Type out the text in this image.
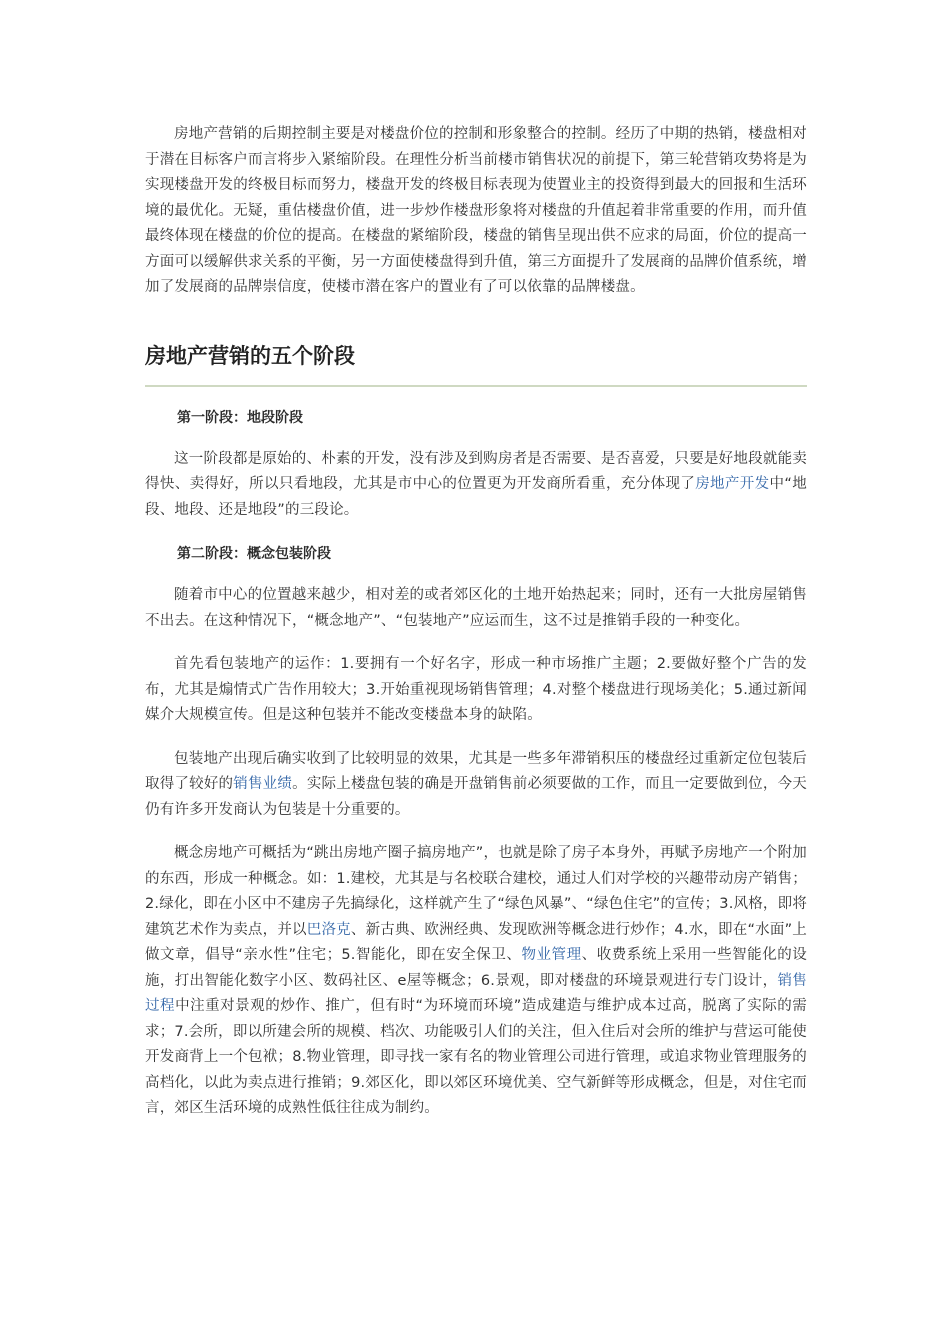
房地产营销的后期控制主要是对楼盘价位的控制和形象整合的控制。经历了中期的热销，楼盘相对于潜在目标客户而言将步入紧缩阶段。在理性分析当前楼市销售状况的前提下，第三轮营销攻势将是为实现楼盘开发的终极目标而努力，楼盘开发的终极目标表现为使置业主的投资得到最大的回报和生活环境的最优化。无疑，重估楼盘价值，进一步炒作楼盘形象将对楼盘的升值起着非常重要的作用，而升值最终体现在楼盘的价位的提高。在楼盘的紧缩阶段，楼盘的销售呈现出供不应求的局面，价位的提高一方面可以缓解供求关系的平衡，另一方面使楼盘得到升值，第三方面提升了发展商的品牌价值系统，增加了发展商的品牌崇信度，使楼市潜在客户的置业有了可以依靠的品牌楼盘。

房地产营销的五个阶段
第一阶段：地段阶段

这一阶段都是原始的、朴素的开发，没有涉及到购房者是否需要、是否喜爱，只要是好地段就能卖得快、卖得好，所以只看地段，尤其是市中心的位置更为开发商所看重，充分体现了房地产开发中“地段、地段、还是地段”的三段论。

第二阶段：概念包装阶段

随着市中心的位置越来越少，相对差的或者郊区化的土地开始热起来；同时，还有一大批房屋销售不出去。在这种情况下，“概念地产”、“包装地产”应运而生，这不过是推销手段的一种变化。

首先看包装地产的运作：1.要拥有一个好名字，形成一种市场推广主题；2.要做好整个广告的发布，尤其是煽情式广告作用较大；3.开始重视现场销售管理；4.对整个楼盘进行现场美化；5.通过新闻媒介大规模宣传。但是这种包装并不能改变楼盘本身的缺陷。

包装地产出现后确实收到了比较明显的效果，尤其是一些多年滞销积压的楼盘经过重新定位包装后取得了较好的销售业绩。实际上楼盘包装的确是开盘销售前必须要做的工作，而且一定要做到位，今天仍有许多开发商认为包装是十分重要的。

概念房地产可概括为“跳出房地产圈子搞房地产”，也就是除了房子本身外，再赋予房地产一个附加的东西，形成一种概念。如：1.建校，尤其是与名校联合建校，通过人们对学校的兴趣带动房产销售；2.绿化，即在小区中不建房子先搞绿化，这样就产生了“绿色风暴”、“绿色住宅”的宣传；3.风格，即将建筑艺术作为卖点，并以巴洛克、新古典、欧洲经典、发现欧洲等概念进行炒作；4.水，即在“水面”上做文章，倡导“亲水性”住宅；5.智能化，即在安全保卫、物业管理、收费系统上采用一些智能化的设施，打出智能化数字小区、数码社区、e屋等概念；6.景观，即对楼盘的环境景观进行专门设计，销售过程中注重对景观的炒作、推广，但有时“为环境而环境”造成建造与维护成本过高，脱离了实际的需求；7.会所，即以所建会所的规模、档次、功能吸引人们的关注，但入住后对会所的维护与营运可能使开发商背上一个包袱；8.物业管理，即寻找一家有名的物业管理公司进行管理，或追求物业管理服务的高档化，以此为卖点进行推销；9.郊区化，即以郊区环境优美、空气新鲜等形成概念，但是，对住宅而言，郊区生活环境的成熟性低往往成为制约。
